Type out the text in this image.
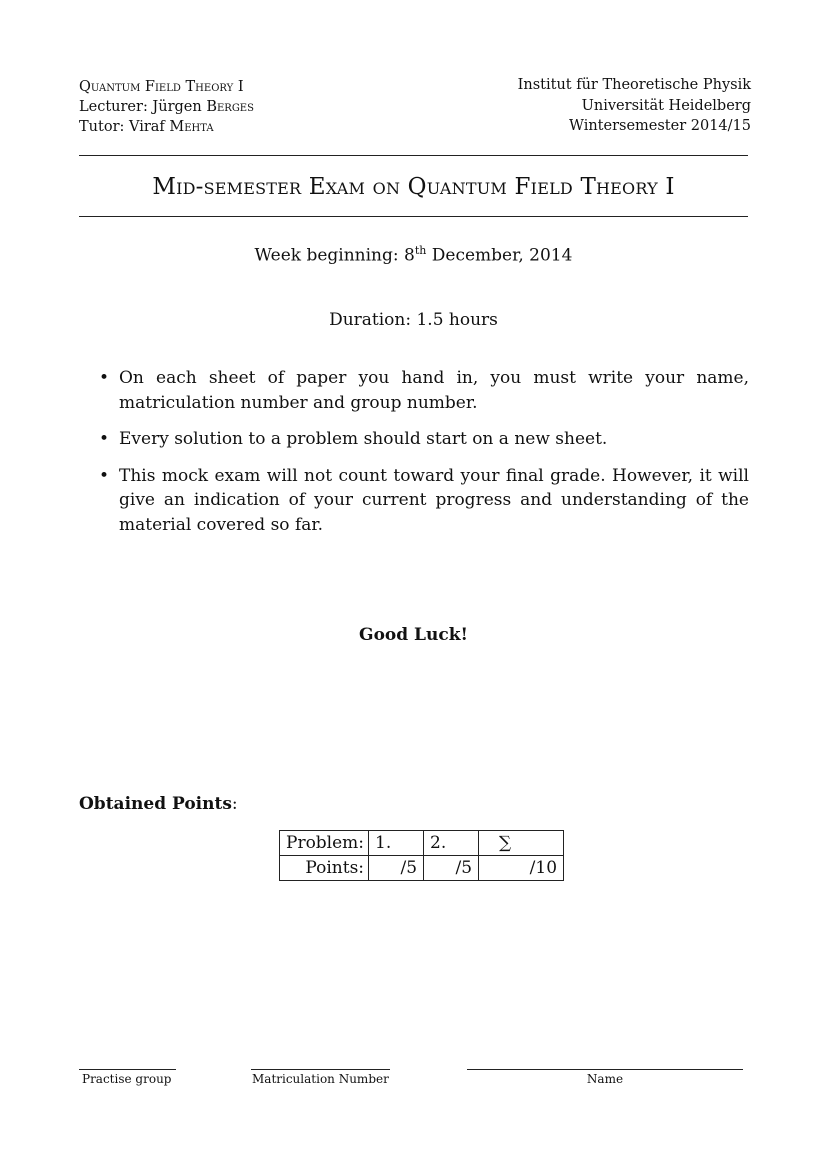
Quantum Field Theory I
Lecturer: Jürgen Berges
Tutor: Viraf Mehta
Institut für Theoretische Physik
Universität Heidelberg
Wintersemester 2014/15
Mid-semester Exam on Quantum Field Theory I
Week beginning: 8th December, 2014
Duration: 1.5 hours
• On each sheet of paper you hand in, you must write your name, matriculation number and group number.
• Every solution to a problem should start on a new sheet.
• This mock exam will not count toward your final grade. However, it will give an indication of your current progress and understanding of the material covered so far.
Good Luck!
Obtained Points:
Problem:	1.	2.	∑
Points:	/5	/5	/10
Practise group	Matriculation Number	Name
